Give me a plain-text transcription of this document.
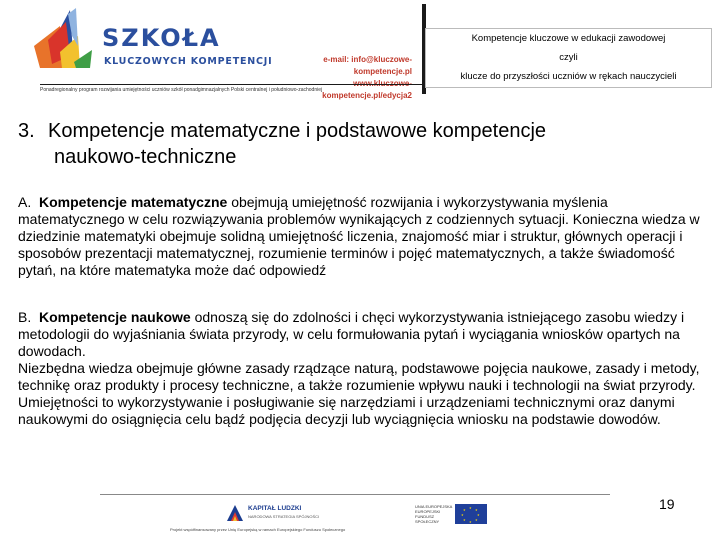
SZKOŁA
KLUCZOWYCH KOMPETENCJI	e-mail: info@kluczowe-kompetencje.pl
www.kluczowe-kompetencje.pl/edycja2
Ponadregionalny program rozwijania umiejętności uczniów szkół ponadgimnazjalnych Polski centralnej i południowo-zachodniej
Kompetencje kluczowe w edukacji zawodowej
czyli
klucze do przyszłości uczniów w rękach nauczycieli
3. Kompetencje matematyczne i podstawowe kompetencje
naukowo-techniczne
A. Kompetencje matematyczne obejmują umiejętność rozwijania i wykorzystywania myślenia matematycznego w celu rozwiązywania problemów wynikających z codziennych sytuacji. Konieczna wiedza w dziedzinie matematyki obejmuje solidną umiejętność liczenia, znajomość miar i struktur, głównych operacji i sposobów prezentacji matematycznej, rozumienie terminów i pojęć matematycznych, a także świadomość pytań, na które matematyka może dać odpowiedź
B. Kompetencje naukowe odnoszą się do zdolności i chęci wykorzystywania istniejącego zasobu wiedzy i metodologii do wyjaśniania świata przyrody, w celu formułowania pytań i wyciągania wniosków opartych na dowodach.
Niezbędna wiedza obejmuje główne zasady rządzące naturą, podstawowe pojęcia naukowe, zasady i metody, technikę oraz produkty i procesy techniczne, a także rozumienie wpływu nauki i technologii na świat przyrody.
Umiejętności to wykorzystywanie i posługiwanie się narzędziami i urządzeniami technicznymi oraz danymi naukowymi do osiągnięcia celu bądź podjęcia decyzji lub wyciągnięcia wniosku na podstawie dowodów.
KAPITAŁ LUDZKI
NARODOWA STRATEGIA SPÓJNOŚCI
UNIA EUROPEJSKA EUROPEJSKI FUNDUSZ SPOŁECZNY
★ ★
★
★
★
★
★
★
Projekt współfinansowany przez Unię Europejską w ramach Europejskiego Funduszu Społecznego
19
